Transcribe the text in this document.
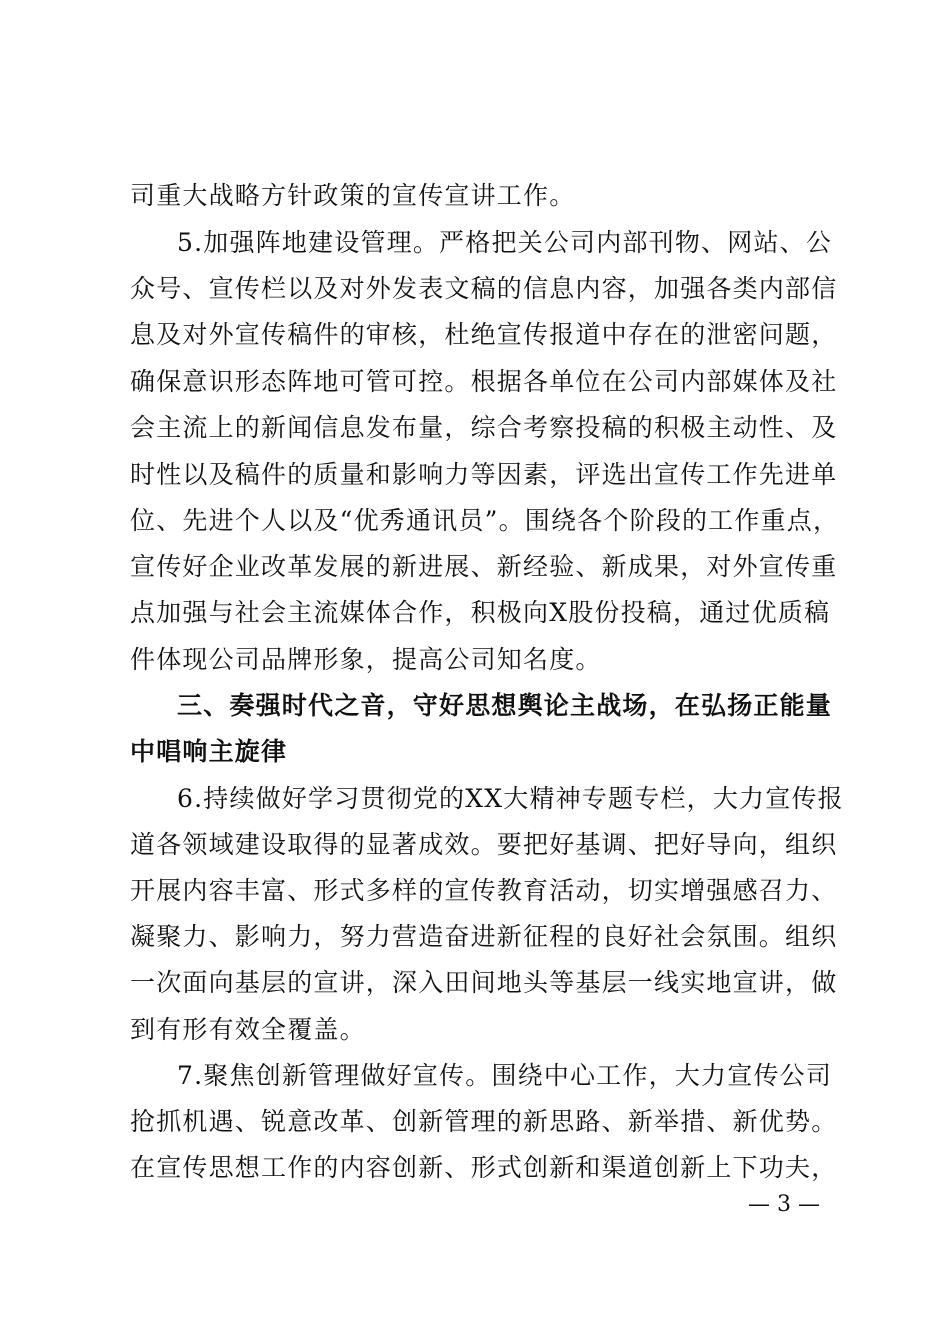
司重大战略方针政策的宣传宣讲工作。
5.加强阵地建设管理。严格把关公司内部刊物、网站、公
众号、宣传栏以及对外发表文稿的信息内容，加强各类内部信
息及对外宣传稿件的审核，杜绝宣传报道中存在的泄密问题，
确保意识形态阵地可管可控。根据各单位在公司内部媒体及社
会主流上的新闻信息发布量，综合考察投稿的积极主动性、及
时性以及稿件的质量和影响力等因素，评选出宣传工作先进单
位、先进个人以及“优秀通讯员”。围绕各个阶段的工作重点，
宣传好企业改革发展的新进展、新经验、新成果，对外宣传重
点加强与社会主流媒体合作，积极向X股份投稿，通过优质稿
件体现公司品牌形象，提高公司知名度。
三、奏强时代之音，守好思想舆论主战场，在弘扬正能量
中唱响主旋律
6.持续做好学习贯彻党的XX大精神专题专栏，大力宣传报
道各领域建设取得的显著成效。要把好基调、把好导向，组织
开展内容丰富、形式多样的宣传教育活动，切实增强感召力、
凝聚力、影响力，努力营造奋进新征程的良好社会氛围。组织
一次面向基层的宣讲，深入田间地头等基层一线实地宣讲，做
到有形有效全覆盖。
7.聚焦创新管理做好宣传。围绕中心工作，大力宣传公司
抢抓机遇、锐意改革、创新管理的新思路、新举措、新优势。
在宣传思想工作的内容创新、形式创新和渠道创新上下功夫，
— 3 —
